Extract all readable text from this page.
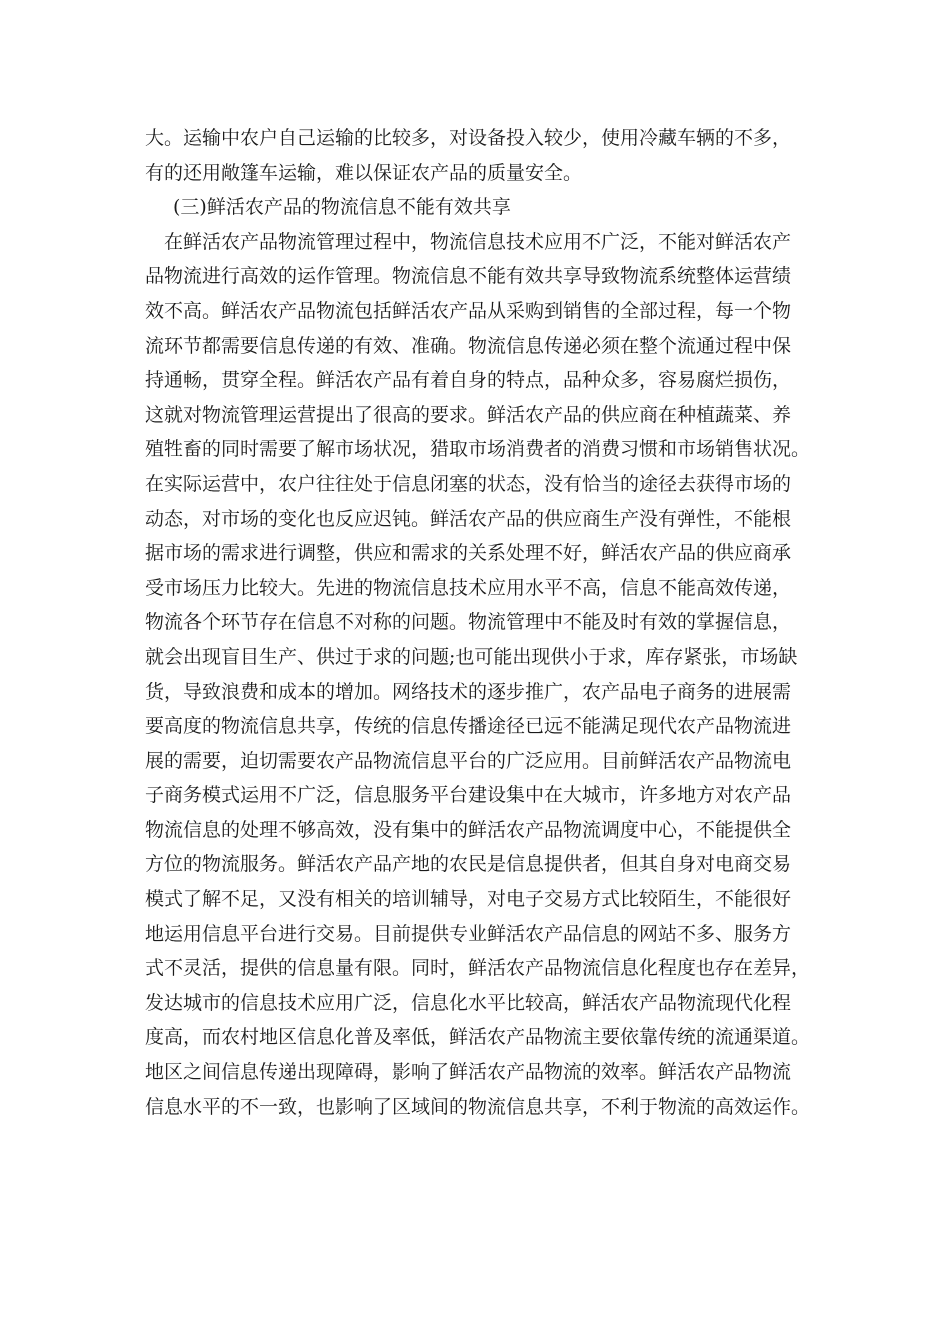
大。运输中农户自己运输的比较多，对设备投入较少，使用冷藏车辆的不多，
有的还用敞篷车运输，难以保证农产品的质量安全。
(三)鲜活农产品的物流信息不能有效共享
　在鲜活农产品物流管理过程中，物流信息技术应用不广泛，不能对鲜活农产
品物流进行高效的运作管理。物流信息不能有效共享导致物流系统整体运营绩
效不高。鲜活农产品物流包括鲜活农产品从采购到销售的全部过程，每一个物
流环节都需要信息传递的有效、准确。物流信息传递必须在整个流通过程中保
持通畅，贯穿全程。鲜活农产品有着自身的特点，品种众多，容易腐烂损伤，
这就对物流管理运营提出了很高的要求。鲜活农产品的供应商在种植蔬菜、养
殖牲畜的同时需要了解市场状况，猎取市场消费者的消费习惯和市场销售状况。
在实际运营中，农户往往处于信息闭塞的状态，没有恰当的途径去获得市场的
动态，对市场的变化也反应迟钝。鲜活农产品的供应商生产没有弹性，不能根
据市场的需求进行调整，供应和需求的关系处理不好，鲜活农产品的供应商承
受市场压力比较大。先进的物流信息技术应用水平不高，信息不能高效传递，
物流各个环节存在信息不对称的问题。物流管理中不能及时有效的掌握信息，
就会出现盲目生产、供过于求的问题;也可能出现供小于求，库存紧张，市场缺
货，导致浪费和成本的增加。网络技术的逐步推广，农产品电子商务的进展需
要高度的物流信息共享，传统的信息传播途径已远不能满足现代农产品物流进
展的需要，迫切需要农产品物流信息平台的广泛应用。目前鲜活农产品物流电
子商务模式运用不广泛，信息服务平台建设集中在大城市，许多地方对农产品
物流信息的处理不够高效，没有集中的鲜活农产品物流调度中心，不能提供全
方位的物流服务。鲜活农产品产地的农民是信息提供者，但其自身对电商交易
模式了解不足，又没有相关的培训辅导，对电子交易方式比较陌生，不能很好
地运用信息平台进行交易。目前提供专业鲜活农产品信息的网站不多、服务方
式不灵活，提供的信息量有限。同时，鲜活农产品物流信息化程度也存在差异，
发达城市的信息技术应用广泛，信息化水平比较高，鲜活农产品物流现代化程
度高，而农村地区信息化普及率低，鲜活农产品物流主要依靠传统的流通渠道。
地区之间信息传递出现障碍，影响了鲜活农产品物流的效率。鲜活农产品物流
信息水平的不一致，也影响了区域间的物流信息共享，不利于物流的高效运作。
